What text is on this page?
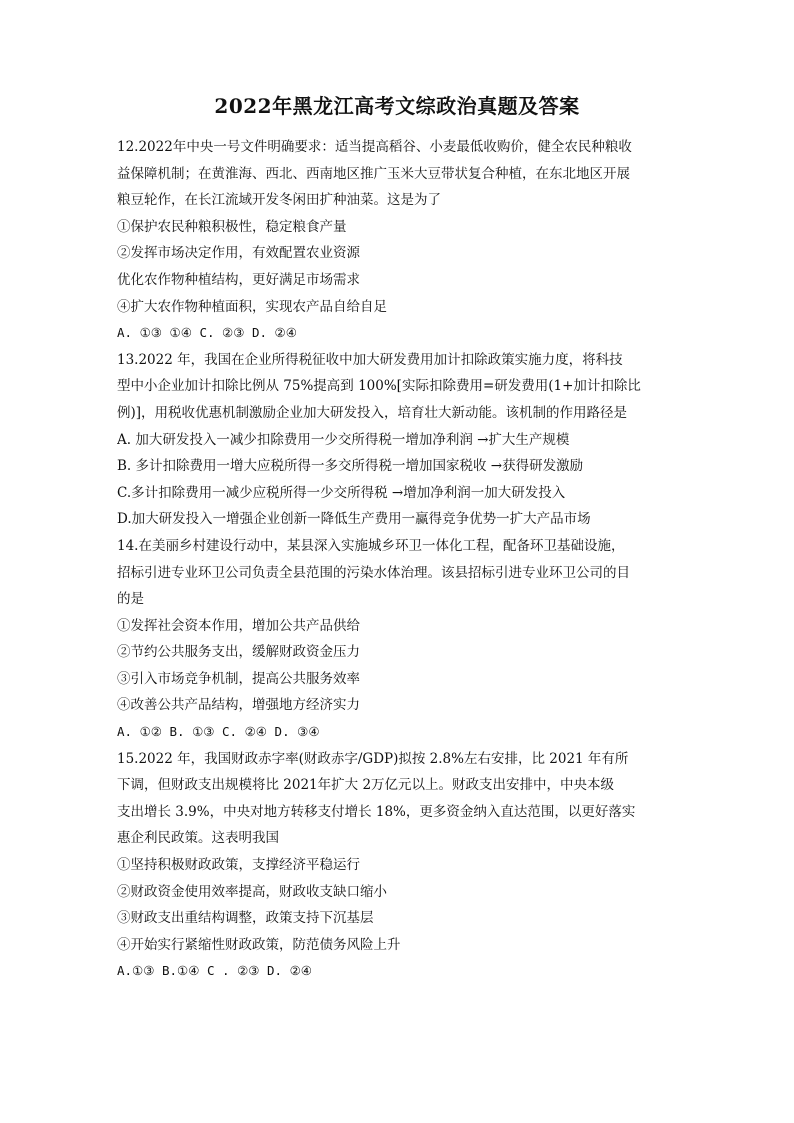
2022年黑龙江高考文综政治真题及答案
12.2022年中央一号文件明确要求：适当提高稻谷、小麦最低收购价，健全农民种粮收
益保障机制；在黄淮海、西北、西南地区推广玉米大豆带状复合种植，在东北地区开展
粮豆轮作，在长江流域开发冬闲田扩种油菜。这是为了
①保护农民种粮积极性，稳定粮食产量
②发挥市场决定作用，有效配置农业资源
优化农作物种植结构，更好满足市场需求
④扩大农作物种植面积，实现农产品自给自足
A. ①③ ①④ C. ②③ D. ②④
13.2022 年，我国在企业所得税征收中加大研发费用加计扣除政策实施力度，将科技
型中小企业加计扣除比例从 75%提高到 100%[实际扣除费用=研发费用(1+加计扣除比
例)]，用税收优惠机制激励企业加大研发投入，培育壮大新动能。该机制的作用路径是
A. 加大研发投入一减少扣除费用一少交所得税一增加净利润 →扩大生产规模
B. 多计扣除费用一增大应税所得一多交所得税一增加国家税收 →获得研发激励
C.多计扣除费用一减少应税所得一少交所得税 →增加净利润一加大研发投入
D.加大研发投入一增强企业创新一降低生产费用一赢得竞争优势一扩大产品市场
14.在美丽乡村建设行动中，某县深入实施城乡环卫一体化工程，配备环卫基础设施，
招标引进专业环卫公司负责全县范围的污染水体治理。该县招标引进专业环卫公司的目
的是
①发挥社会资本作用，增加公共产品供给
②节约公共服务支出，缓解财政资金压力
③引入市场竞争机制，提高公共服务效率
④改善公共产品结构，增强地方经济实力
A. ①② B. ①③ C. ②④ D. ③④
15.2022 年，我国财政赤字率(财政赤字/GDP)拟按 2.8%左右安排，比 2021 年有所
下调，但财政支出规模将比 2021年扩大 2万亿元以上。财政支出安排中，中央本级
支出增长 3.9%，中央对地方转移支付增长 18%，更多资金纳入直达范围，以更好落实
惠企利民政策。这表明我国
①坚持积极财政政策，支撑经济平稳运行
②财政资金使用效率提高，财政收支缺口缩小
③财政支出重结构调整，政策支持下沉基层
④开始实行紧缩性财政政策，防范债务风险上升
A.①③ B.①④ C . ②③ D. ②④
